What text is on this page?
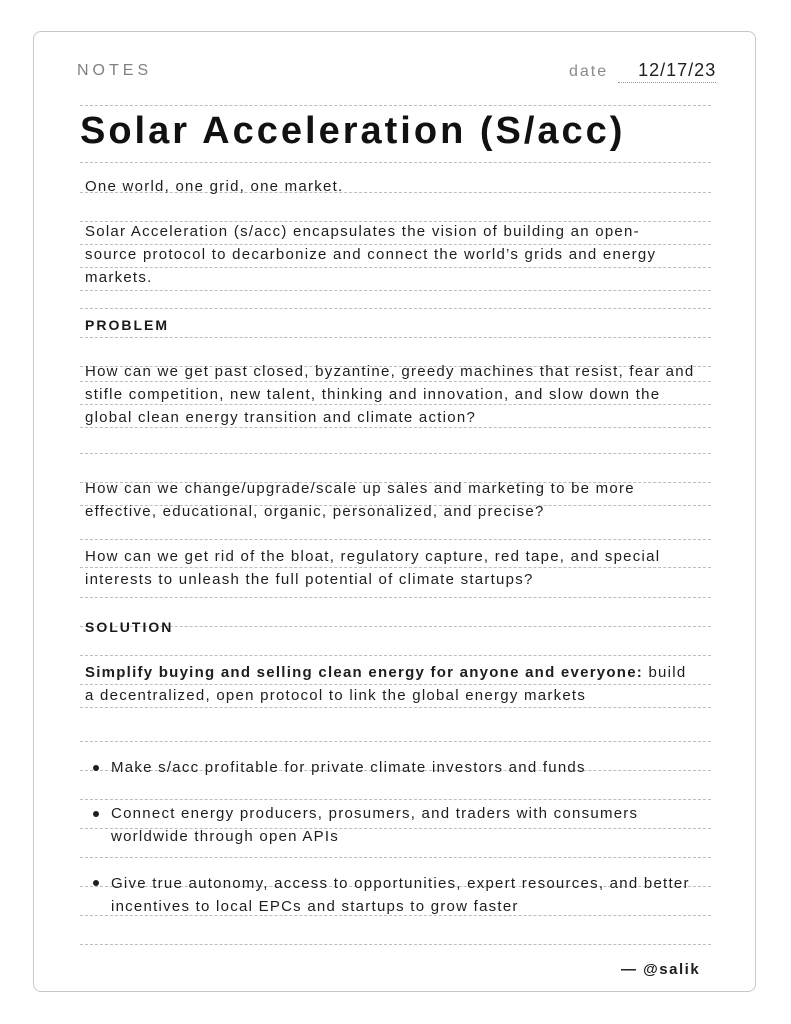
NOTES	date 12/17/23
Solar Acceleration (S/acc)
One world, one grid, one market.
Solar Acceleration (s/acc) encapsulates the vision of building an open-source protocol to decarbonize and connect the world’s grids and energy markets.
PROBLEM
How can we get past closed, byzantine, greedy machines that resist, fear and stifle competition, new talent, thinking and innovation, and slow down the global clean energy transition and climate action?
How can we change/upgrade/scale up sales and marketing to be more effective, educational, organic, personalized, and precise?
How can we get rid of the bloat, regulatory capture, red tape, and special interests to unleash the full potential of climate startups?
SOLUTION
Simplify buying and selling clean energy for anyone and everyone: build a decentralized, open protocol to link the global energy markets
Make s/acc profitable for private climate investors and funds
Connect energy producers, prosumers, and traders with consumers worldwide through open APIs
Give true autonomy, access to opportunities, expert resources, and better incentives to local EPCs and startups to grow faster
— @salik
